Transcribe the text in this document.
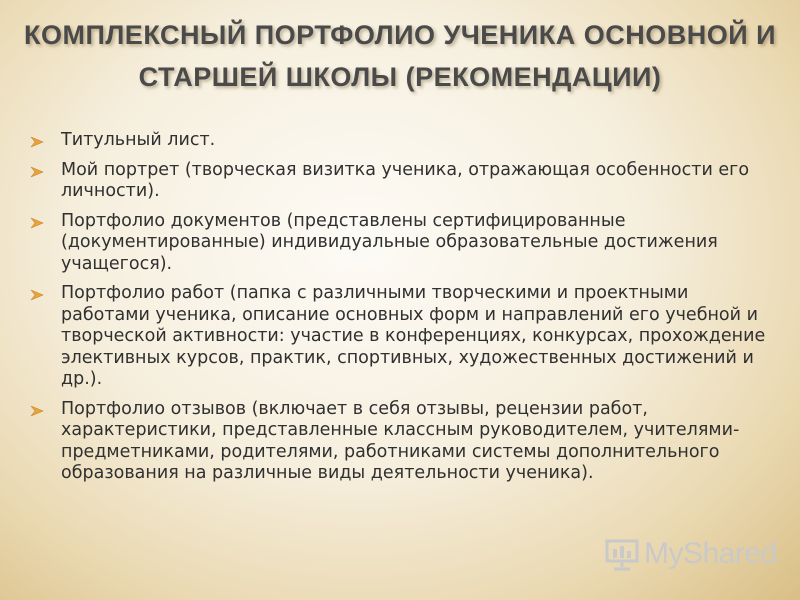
КОМПЛЕКСНЫЙ ПОРТФОЛИО УЧЕНИКА ОСНОВНОЙ И
СТАРШЕЙ ШКОЛЫ (РЕКОМЕНДАЦИИ)
Титульный лист.
Мой портрет (творческая визитка ученика, отражающая особенности его личности).
Портфолио документов (представлены сертифицированные (документированные) индивидуальные образовательные достижения учащегося).
Портфолио работ (папка с различными творческими и проектными работами ученика, описание основных форм и направлений его учебной и творческой активности: участие в конференциях, конкурсах, прохождение элективных курсов, практик, спортивных, художественных достижений и др.).
Портфолио отзывов (включает в себя отзывы, рецензии работ, характеристики, представленные классным руководителем, учителями-предметниками, родителями, работниками системы дополнительного образования на различные виды деятельности ученика).
MyShared
